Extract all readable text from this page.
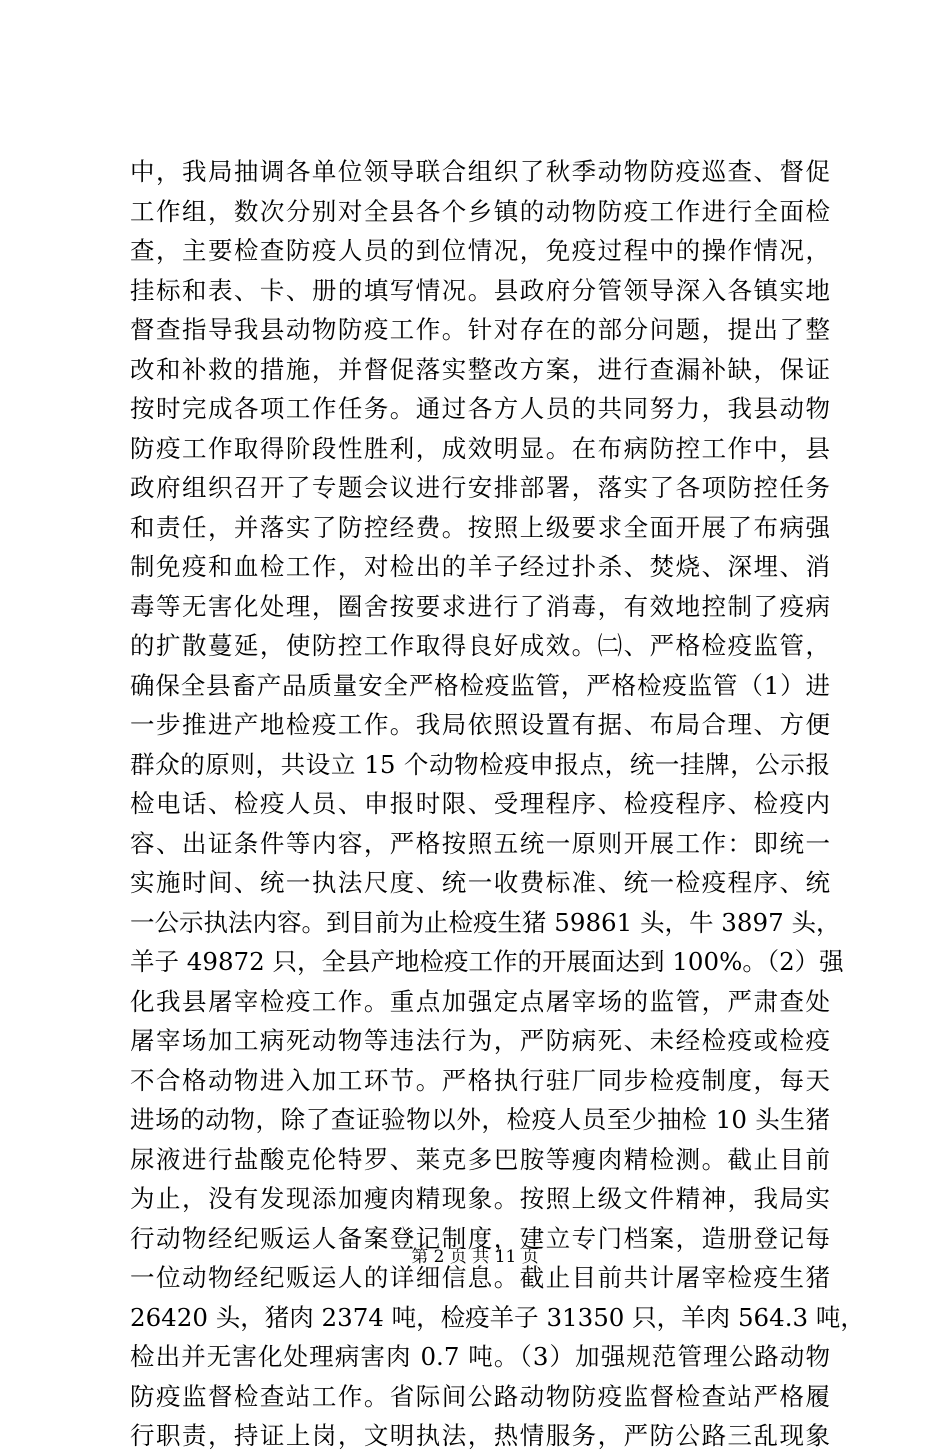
中，我局抽调各单位领导联合组织了秋季动物防疫巡查、督促
工作组，数次分别对全县各个乡镇的动物防疫工作进行全面检
查，主要检查防疫人员的到位情况，免疫过程中的操作情况，
挂标和表、卡、册的填写情况。县政府分管领导深入各镇实地
督查指导我县动物防疫工作。针对存在的部分问题，提出了整
改和补救的措施，并督促落实整改方案，进行查漏补缺，保证
按时完成各项工作任务。通过各方人员的共同努力，我县动物
防疫工作取得阶段性胜利，成效明显。在布病防控工作中，县
政府组织召开了专题会议进行安排部署，落实了各项防控任务
和责任，并落实了防控经费。按照上级要求全面开展了布病强
制免疫和血检工作，对检出的羊子经过扑杀、焚烧、深埋、消
毒等无害化处理，圈舍按要求进行了消毒，有效地控制了疫病
的扩散蔓延，使防控工作取得良好成效。㈡、严格检疫监管，
确保全县畜产品质量安全严格检疫监管，严格检疫监管（1）进
一步推进产地检疫工作。我局依照设置有据、布局合理、方便
群众的原则，共设立 15 个动物检疫申报点，统一挂牌，公示报
检电话、检疫人员、申报时限、受理程序、检疫程序、检疫内
容、出证条件等内容，严格按照五统一原则开展工作：即统一
实施时间、统一执法尺度、统一收费标准、统一检疫程序、统
一公示执法内容。到目前为止检疫生猪 59861 头，牛 3897 头，
羊子 49872 只，全县产地检疫工作的开展面达到 100%。（2）强
化我县屠宰检疫工作。重点加强定点屠宰场的监管，严肃查处
屠宰场加工病死动物等违法行为，严防病死、未经检疫或检疫
不合格动物进入加工环节。严格执行驻厂同步检疫制度，每天
进场的动物，除了查证验物以外，检疫人员至少抽检 10 头生猪
尿液进行盐酸克伦特罗、莱克多巴胺等瘦肉精检测。截止目前
为止，没有发现添加瘦肉精现象。按照上级文件精神，我局实
行动物经纪贩运人备案登记制度，建立专门档案，造册登记每
一位动物经纪贩运人的详细信息。截止目前共计屠宰检疫生猪
26420 头，猪肉 2374 吨，检疫羊子 31350 只，羊肉 564.3 吨，
检出并无害化处理病害肉 0.7 吨。（3）加强规范管理公路动物
防疫监督检查站工作。省际间公路动物防疫监督检查站严格履
行职责，持证上岗，文明执法，热情服务，严防公路三乱现象
第 2 页 共 11 页
